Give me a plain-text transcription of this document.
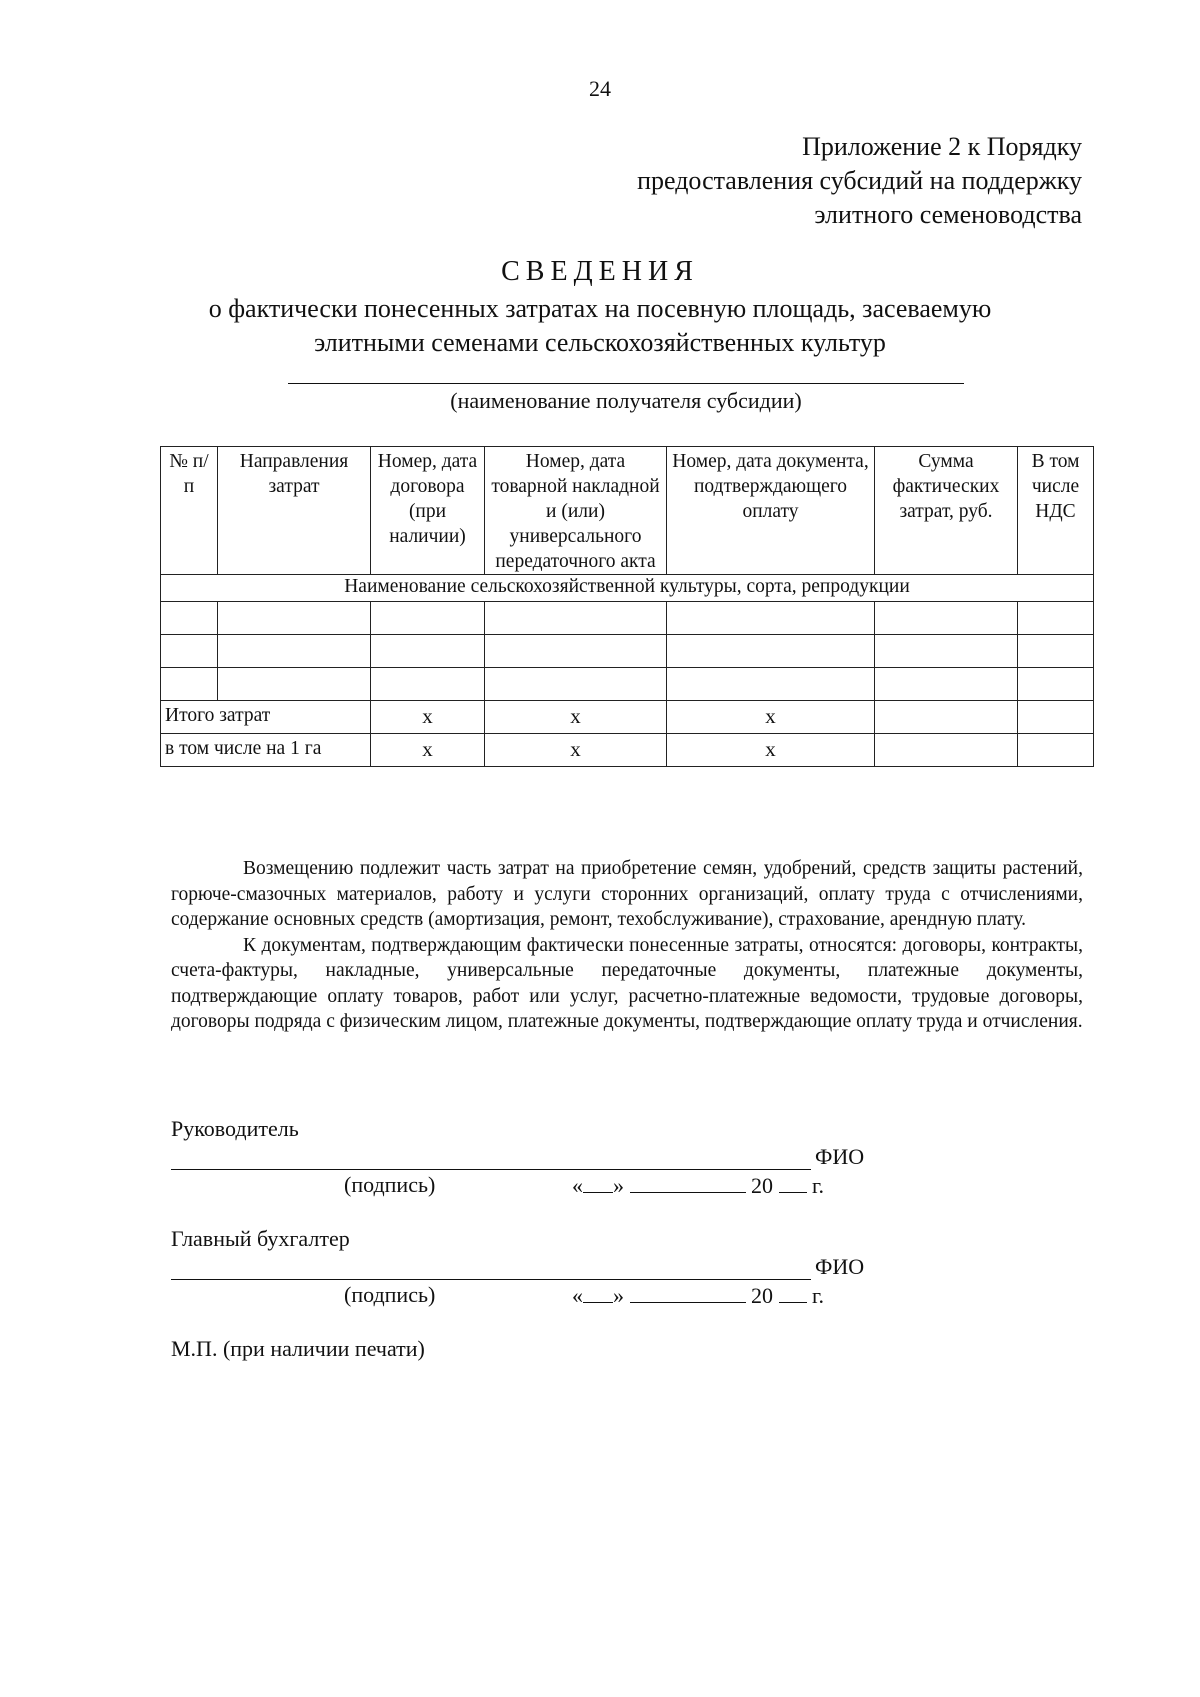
24
Приложение 2 к Порядку
предоставления субсидий на поддержку
элитного семеноводства
СВЕДЕНИЯ
о фактически понесенных затратах на посевную площадь, засеваемую
элитными семенами сельскохозяйственных культур
(наименование получателя субсидии)
№ п/п	Направления затрат	Номер, дата договора (при наличии)	Номер, дата товарной накладной и (или) универсального передаточного акта	Номер, дата документа, подтверждающего оплату	Сумма фактических затрат, руб.	В том числе НДС
Наименование сельскохозяйственной культуры, сорта, репродукции						

Итого затрат		х	х	х		
в том числе на 1 га		х	х	х		

Возмещению подлежит часть затрат на приобретение семян, удобрений, средств защиты растений, горюче-смазочных материалов, работу и услуги сторонних организаций, оплату труда с отчислениями, содержание основных средств (амортизация, ремонт, техобслуживание), страхование, арендную плату.

К документам, подтверждающим фактически понесенные затраты, относятся: договоры, контракты, счета-фактуры, накладные, универсальные передаточные документы, платежные документы, подтверждающие оплату товаров, работ или услуг, расчетно-платежные ведомости, трудовые договоры, договоры подряда с физическим лицом, платежные документы, подтверждающие оплату труда и отчисления.

Руководитель
ФИО
(подпись)	« »	20 г.
Главный бухгалтер
ФИО
(подпись)	« »	20 г.
М.П. (при наличии печати)
